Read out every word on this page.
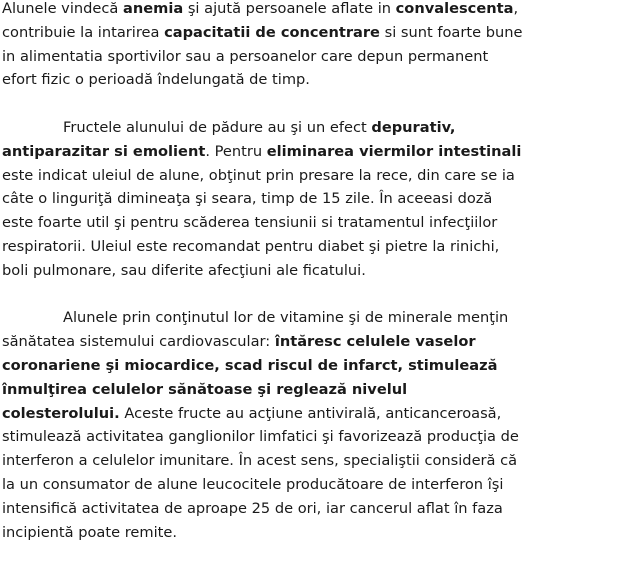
Alunele vindecă anemia şi ajută persoanele aflate in convalescenta,
contribuie la intarirea capacitatii de concentrare si sunt foarte bune
in alimentatia sportivilor sau a persoanelor care depun permanent
efort fizic o perioadă îndelungată de timp.
Fructele alunului de pădure au şi un efect depurativ,
antiparazitar si emolient. Pentru eliminarea viermilor intestinali
este indicat uleiul de alune, obţinut prin presare la rece, din care se ia
câte o linguriţă dimineaţa şi seara, timp de 15 zile. În aceeasi doză
este foarte util şi pentru scăderea tensiunii si tratamentul infecţiilor
respiratorii. Uleiul este recomandat pentru diabet şi pietre la rinichi,
boli pulmonare, sau diferite afecţiuni ale ficatului.
Alunele prin conţinutul lor de vitamine şi de minerale menţin
sănătatea sistemului cardiovascular: întăresc celulele vaselor
coronariene şi miocardice, scad riscul de infarct, stimulează
înmulţirea celulelor sănătoase şi reglează nivelul
colesterolului. Aceste fructe au acţiune antivirală, anticanceroasă,
stimulează activitatea ganglionilor limfatici şi favorizează producţia de
interferon a celulelor imunitare. În acest sens, specialiştii consideră că
la un consumator de alune leucocitele producătoare de interferon îşi
intensifică activitatea de aproape 25 de ori, iar cancerul aflat în faza
incipientă poate remite.
